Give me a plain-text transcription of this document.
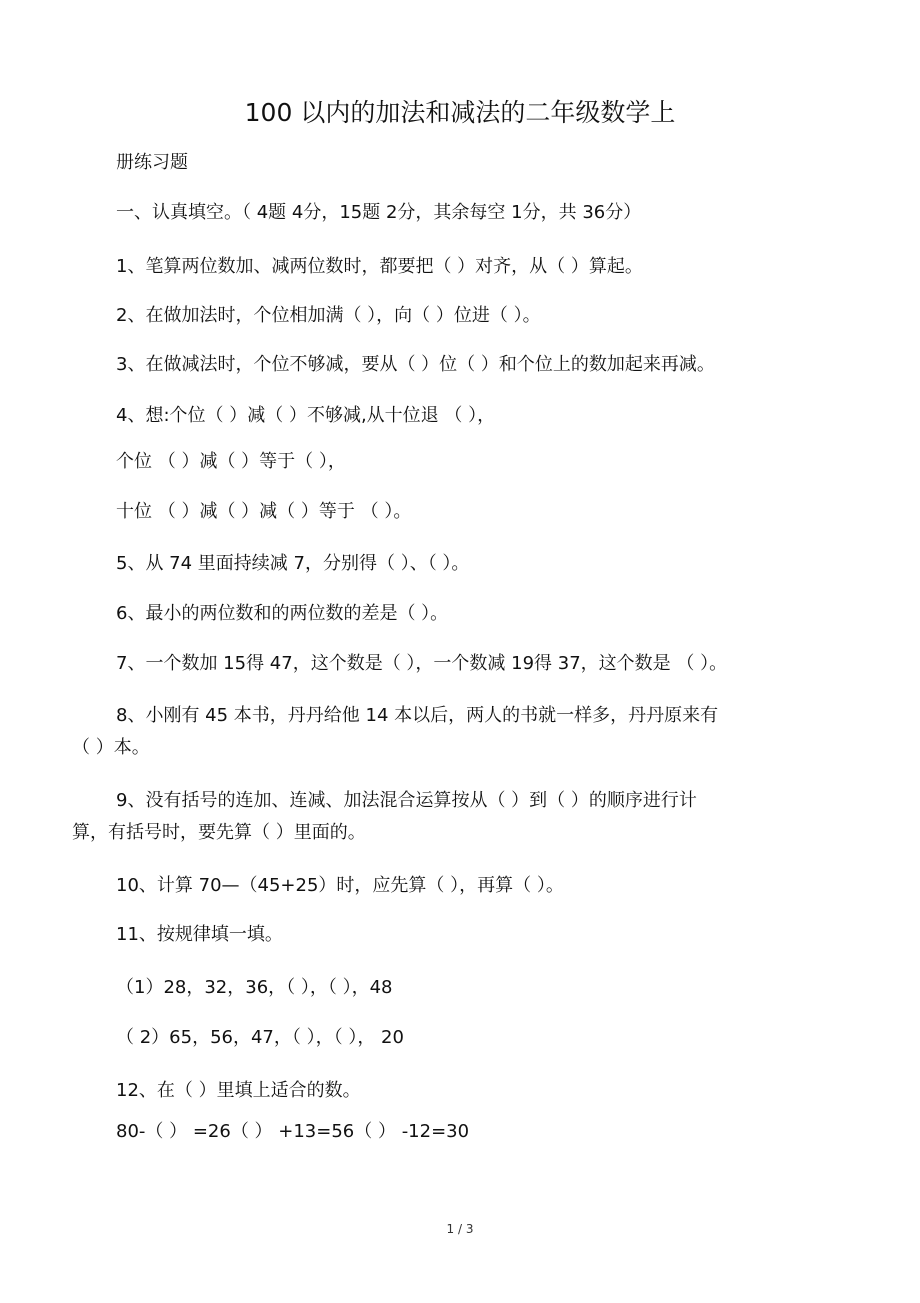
100 以内的加法和减法的二年级数学上
册练习题
一、认真填空。（ 4题 4分，15题 2分，其余每空 1分，共 36分）
1、笔算两位数加、减两位数时，都要把（ ）对齐，从（ ）算起。
2、在做加法时，个位相加满（ ），向（ ）位进（ ）。
3、在做减法时，个位不够减，要从（ ）位（ ）和个位上的数加起来再减。
4、想:个位（ ）减（ ）不够减,从十位退 （ ），
个位 （ ）减（ ）等于（ ），
十位 （ ）减（ ）减（ ）等于 （ ）。
5、从 74 里面持续减 7，分别得（ ）、（ ）。
6、最小的两位数和的两位数的差是（ ）。
7、一个数加 15得 47，这个数是（ ），一个数减 19得 37，这个数是 （ ）。
8、小刚有 45 本书，丹丹给他 14 本以后，两人的书就一样多，丹丹原来有
（ ）本。
9、没有括号的连加、连减、加法混合运算按从（ ）到（ ）的顺序进行计
算，有括号时，要先算（ ）里面的。
10、计算 70—（45+25）时，应先算（ ），再算（ ）。
11、按规律填一填。
（1）28，32，36，（ ），（ ），48
（ 2）65，56，47，（ ），（ ）， 20
12、在（ ）里填上适合的数。
80-（ ） =26（ ） +13=56（ ） -12=30
1 / 3
